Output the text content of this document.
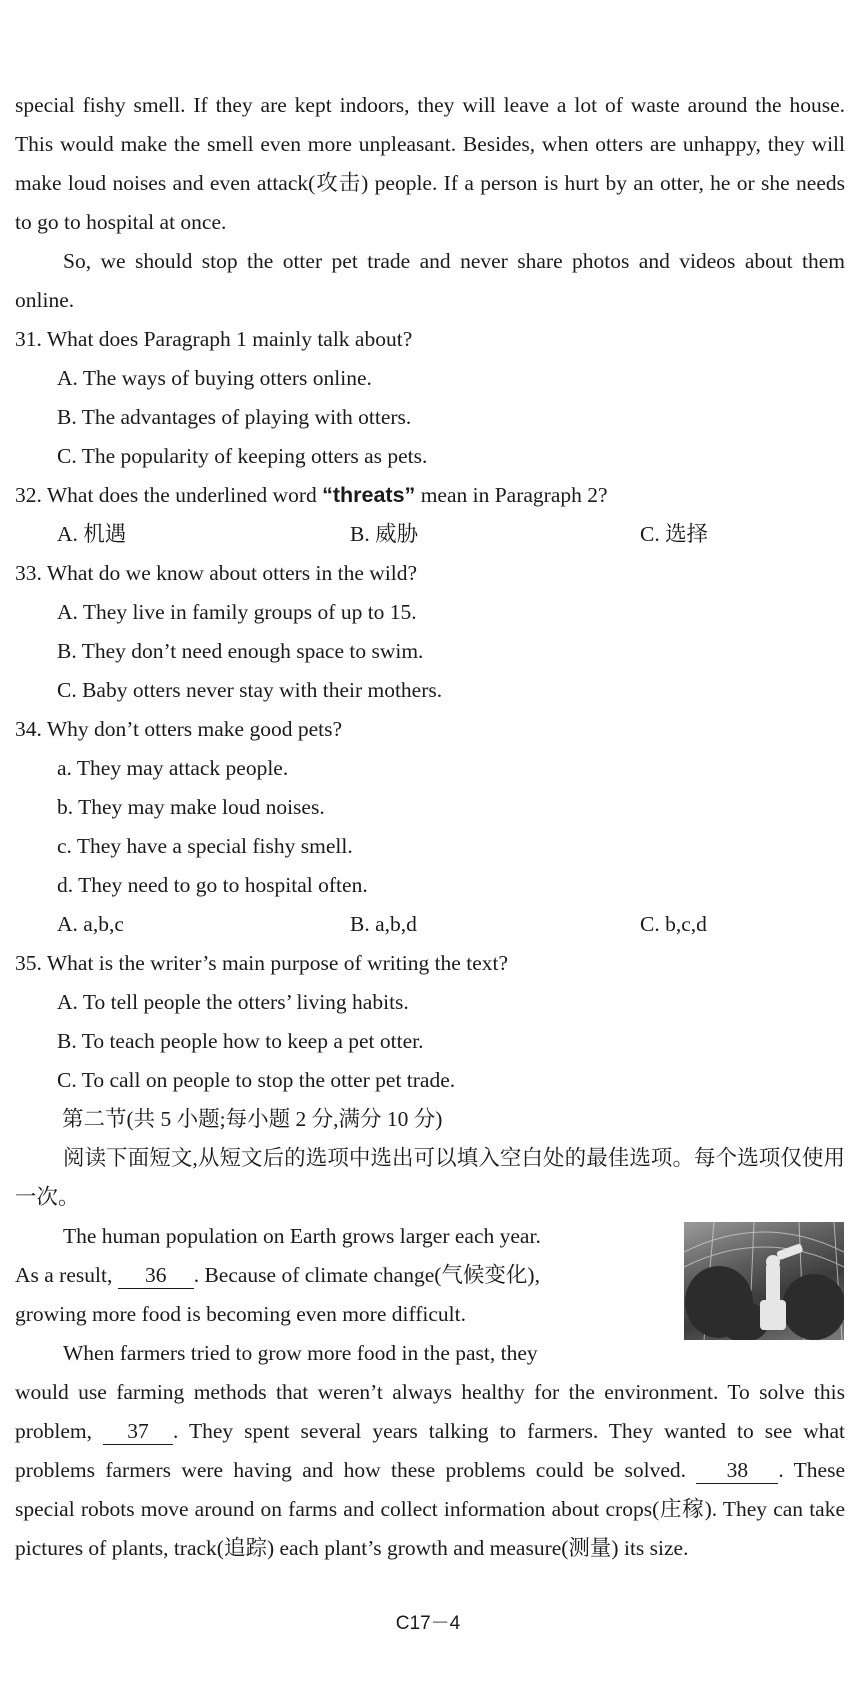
special fishy smell. If they are kept indoors, they will leave a lot of waste around the house. This would make the smell even more unpleasant. Besides, when otters are unhappy, they will make loud noises and even attack(攻击) people. If a person is hurt by an otter, he or she needs to go to hospital at once.

So, we should stop the otter pet trade and never share photos and videos about them online.

31. What does Paragraph 1 mainly talk about?

A. The ways of buying otters online.
B. The advantages of playing with otters.
C. The popularity of keeping otters as pets.

32. What does the underlined word “threats” mean in Paragraph 2?

A. 机遇	B. 威胁	C. 选择

33. What do we know about otters in the wild?

A. They live in family groups of up to 15.
B. They don’t need enough space to swim.
C. Baby otters never stay with their mothers.

34. Why don’t otters make good pets?

a. They may attack people.
b. They may make loud noises.
c. They have a special fishy smell.
d. They need to go to hospital often.
A. a,b,c	B. a,b,d	C. b,c,d

35. What is the writer’s main purpose of writing the text?

A. To tell people the otters’ living habits.
B. To teach people how to keep a pet otter.
C. To call on people to stop the otter pet trade.

第二节(共 5 小题;每小题 2 分,满分 10 分)

阅读下面短文,从短文后的选项中选出可以填入空白处的最佳选项。每个选项仅使用一次。

The human population on Earth grows larger each year.

As a result, 36 . Because of climate change(气候变化),

growing more food is becoming even more difficult.

When farmers tried to grow more food in the past, they

would use farming methods that weren’t always healthy for the environment. To solve this problem, 37 . They spent several years talking to farmers. They wanted to see what problems farmers were having and how these problems could be solved. 38 . These special robots move around on farms and collect information about crops(庄稼). They can take pictures of plants, track(追踪) each plant’s growth and measure(测量) its size.

C17－4
